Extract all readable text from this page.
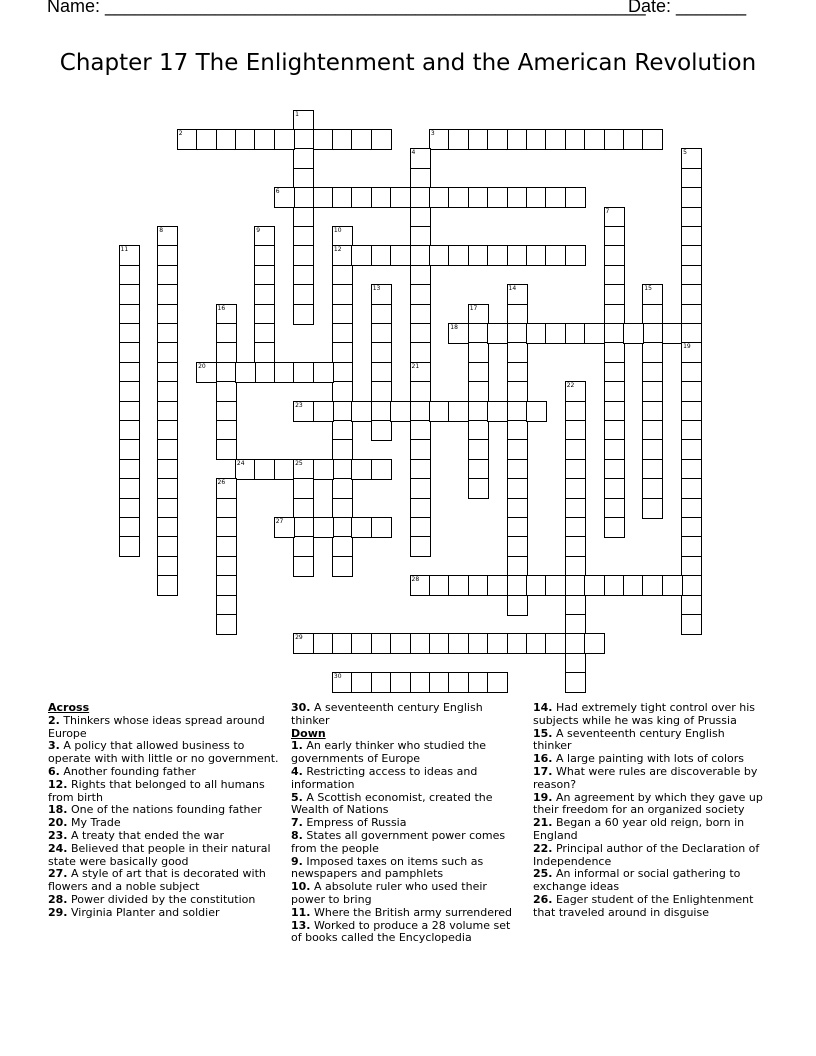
Name: ______________________________________________________
Date: _______
Chapter 17 The Enlightenment and the American Revolution
1
2	3
4
21
5
6
7
8	9	10
12
11
13	14	15
16	17
18
19
20
22
23
24	25
26
27
28
29
30
Across
2. Thinkers whose ideas spread around Europe
3. A policy that allowed business to operate with with little or no government.
6. Another founding father
12. Rights that belonged to all humans from birth
18. One of the nations founding father
20. My Trade
23. A treaty that ended the war
24. Believed that people in their natural state were basically good
27. A style of art that is decorated with flowers and a noble subject
28. Power divided by the constitution
29. Virginia Planter and soldier
30. A seventeenth century English thinker
Down
1. An early thinker who studied the governments of Europe
4. Restricting access to ideas and information
5. A Scottish economist, created the Wealth of Nations
7. Empress of Russia
8. States all government power comes from the people
9. Imposed taxes on items such as newspapers and pamphlets
10. A absolute ruler who used their power to bring
11. Where the British army surrendered
13. Worked to produce a 28 volume set of books called the Encyclopedia
14. Had extremely tight control over his subjects while he was king of Prussia
15. A seventeenth century English thinker
16. A large painting with lots of colors
17. What were rules are discoverable by reason?
19. An agreement by which they gave up their freedom for an organized society
21. Began a 60 year old reign, born in England
22. Principal author of the Declaration of Independence
25. An informal or social gathering to exchange ideas
26. Eager student of the Enlightenment that traveled around in disguise
